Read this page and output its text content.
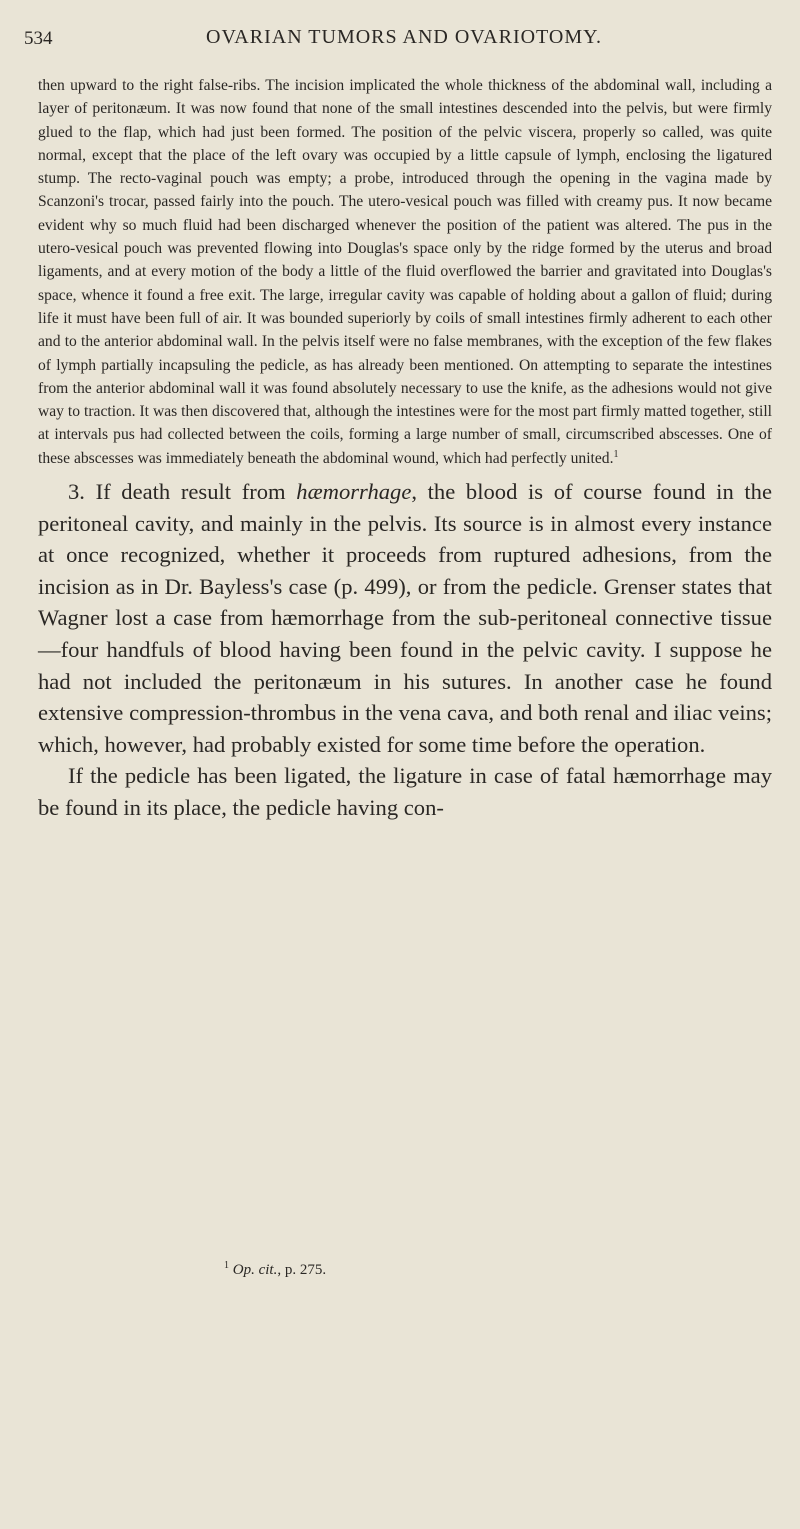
534	OVARIAN TUMORS AND OVARIOTOMY.

then upward to the right false-ribs. The incision implicated the whole thickness of the abdominal wall, including a layer of peritonæum. It was now found that none of the small intestines descended into the pelvis, but were firmly glued to the flap, which had just been formed. The position of the pelvic viscera, properly so called, was quite normal, except that the place of the left ovary was occupied by a little capsule of lymph, enclosing the ligatured stump. The recto-vaginal pouch was empty; a probe, introduced through the opening in the vagina made by Scanzoni's trocar, passed fairly into the pouch. The utero-vesical pouch was filled with creamy pus. It now became evident why so much fluid had been discharged whenever the position of the patient was altered. The pus in the utero-vesical pouch was prevented flowing into Douglas's space only by the ridge formed by the uterus and broad ligaments, and at every motion of the body a little of the fluid overflowed the barrier and gravitated into Douglas's space, whence it found a free exit. The large, irregular cavity was capable of holding about a gallon of fluid; during life it must have been full of air. It was bounded superiorly by coils of small intestines firmly adherent to each other and to the anterior abdominal wall. In the pelvis itself were no false membranes, with the exception of the few flakes of lymph partially incapsuling the pedicle, as has already been mentioned. On attempting to separate the intestines from the anterior abdominal wall it was found absolutely necessary to use the knife, as the adhesions would not give way to traction. It was then discovered that, although the intestines were for the most part firmly matted together, still at intervals pus had collected between the coils, forming a large number of small, circumscribed abscesses. One of these abscesses was immediately beneath the abdominal wound, which had perfectly united.$^1$

3. If death result from hæmorrhage, the blood is of course found in the peritoneal cavity, and mainly in the pelvis. Its source is in almost every instance at once recognized, whether it proceeds from ruptured adhesions, from the incision as in Dr. Bayless's case (p. 499), or from the pedicle. Grenser states that Wagner lost a case from hæmorrhage from the sub-peritoneal connective tissue—four handfuls of blood having been found in the pelvic cavity. I suppose he had not included the peritonæum in his sutures. In another case he found extensive compression-thrombus in the vena cava, and both renal and iliac veins; which, however, had probably existed for some time before the operation.

If the pedicle has been ligated, the ligature in case of fatal hæmorrhage may be found in its place, the pedicle having con-

$^1$ Op. cit., p. 275.
